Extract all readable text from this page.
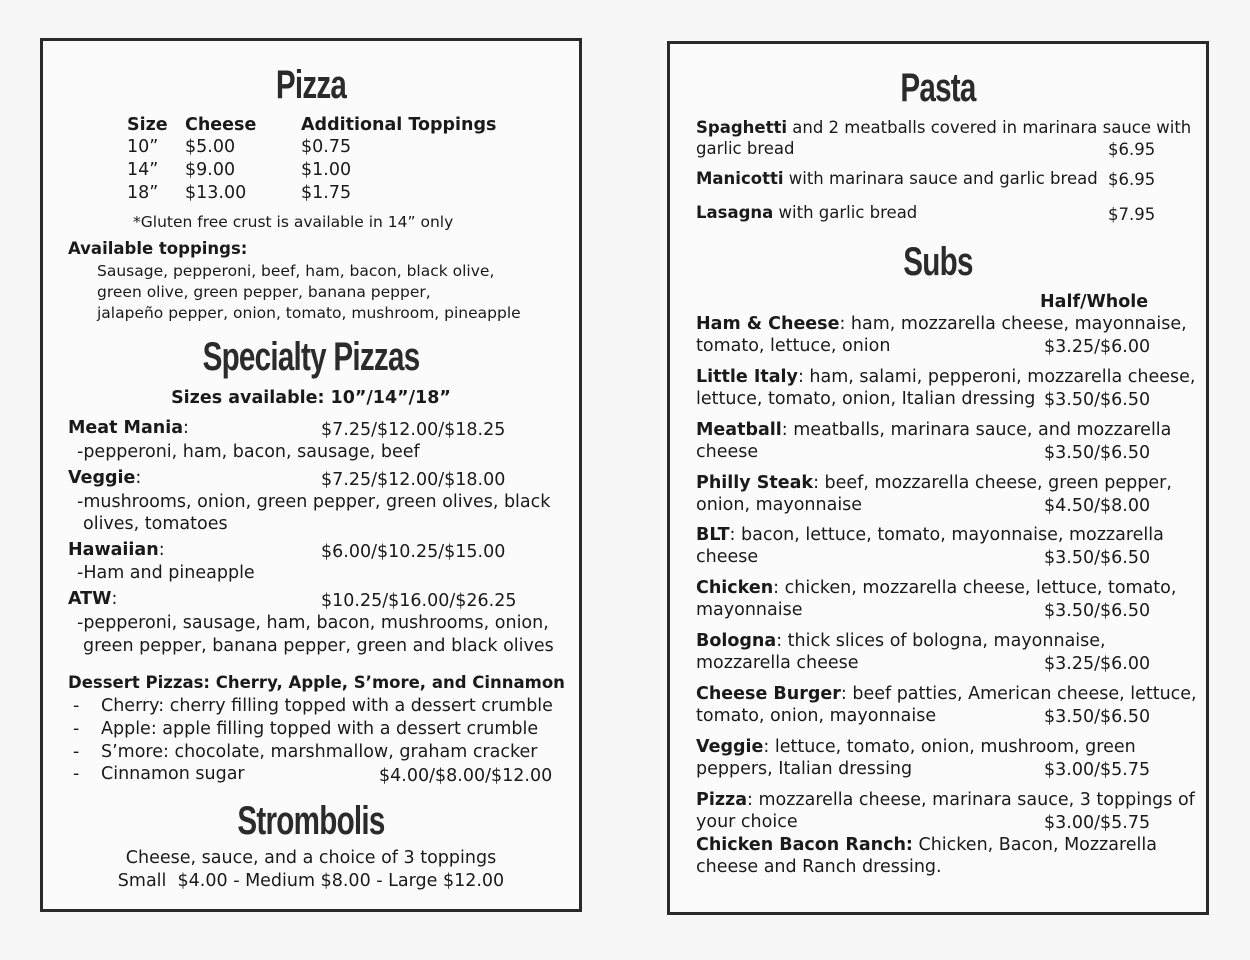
Pizza
Size Cheese	Additional Toppings
10” $5.00	$0.75
14” $9.00	$1.00
18” $13.00	$1.75
*Gluten free crust is available in 14” only
Available toppings:
Sausage, pepperoni, beef, ham, bacon, black olive,
green olive, green pepper, banana pepper,
jalapeño pepper, onion, tomato, mushroom, pineapple
Specialty Pizzas
Sizes available: 10”/14”/18”
Meat Mania:	$7.25/$12.00/$18.25
-pepperoni, ham, bacon, sausage, beef
Veggie:	$7.25/$12.00/$18.00
-mushrooms, onion, green pepper, green olives, black
olives, tomatoes
Hawaiian:	$6.00/$10.25/$15.00
-Ham and pineapple
ATW:	$10.25/$16.00/$26.25
-pepperoni, sausage, ham, bacon, mushrooms, onion,
green pepper, banana pepper, green and black olives
Dessert Pizzas: Cherry, Apple, S’more, and Cinnamon
- Cherry: cherry filling topped with a dessert crumble
- Apple: apple filling topped with a dessert crumble
- S’more: chocolate, marshmallow, graham cracker
- Cinnamon sugar	$4.00/$8.00/$12.00
Strombolis
Cheese, sauce, and a choice of 3 toppings
Small  $4.00 - Medium $8.00 - Large $12.00
Pasta
Spaghetti and 2 meatballs covered in marinara sauce with
garlic bread	$6.95
Manicotti with marinara sauce and garlic bread $6.95
Lasagna with garlic bread	$7.95
Subs
Half/Whole
Ham & Cheese: ham, mozzarella cheese, mayonnaise,
tomato, lettuce, onion	$3.25/$6.00
Little Italy: ham, salami, pepperoni, mozzarella cheese,
lettuce, tomato, onion, Italian dressing $3.50/$6.50
Meatball: meatballs, marinara sauce, and mozzarella
cheese	$3.50/$6.50
Philly Steak: beef, mozzarella cheese, green pepper,
onion, mayonnaise	$4.50/$8.00
BLT: bacon, lettuce, tomato, mayonnaise, mozzarella
cheese	$3.50/$6.50
Chicken: chicken, mozzarella cheese, lettuce, tomato,
mayonnaise	$3.50/$6.50
Bologna: thick slices of bologna, mayonnaise,
mozzarella cheese	$3.25/$6.00
Cheese Burger: beef patties, American cheese, lettuce,
tomato, onion, mayonnaise	$3.50/$6.50
Veggie: lettuce, tomato, onion, mushroom, green
peppers, Italian dressing	$3.00/$5.75
Pizza: mozzarella cheese, marinara sauce, 3 toppings of
your choice	$3.00/$5.75
Chicken Bacon Ranch: Chicken, Bacon, Mozzarella
cheese and Ranch dressing.
